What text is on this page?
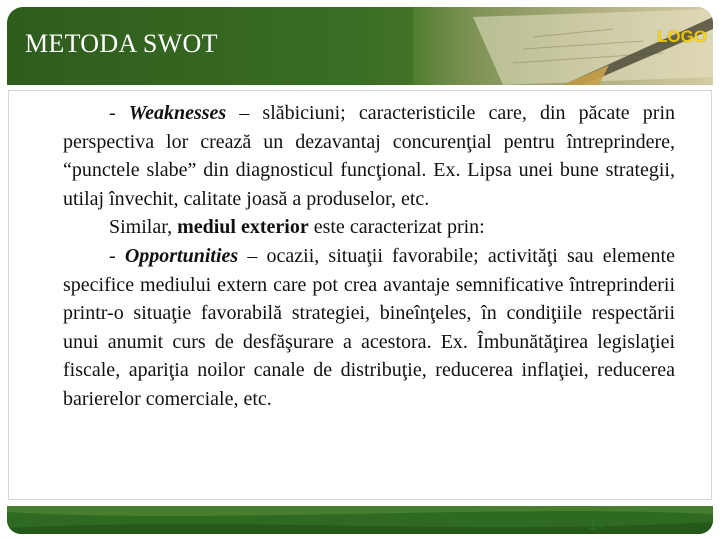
METODA SWOT	LOGO

- Weaknesses – slăbiciuni; caracteristicile care, din păcate prin perspectiva lor crează un dezavantaj concurenţial pentru întreprindere, “punctele slabe” din diagnosticul funcţional. Ex. Lipsa unei bune strategii, utilaj învechit, calitate joasă a produselor, etc.

Similar, mediul exterior este caracterizat prin:

- Opportunities – ocazii, situaţii favorabile; activităţi sau elemente specifice mediului extern care pot crea avantaje semnificative întreprinderii printr-o situaţie favorabilă strategiei, bineînţeles, în condiţiile respectării unui anumit curs de desfăşurare a acestora. Ex. Îmbunătăţirea legislaţiei fiscale, apariţia noilor canale de distribuţie, reducerea inflaţiei, reducerea barierelor comerciale, etc.

14
